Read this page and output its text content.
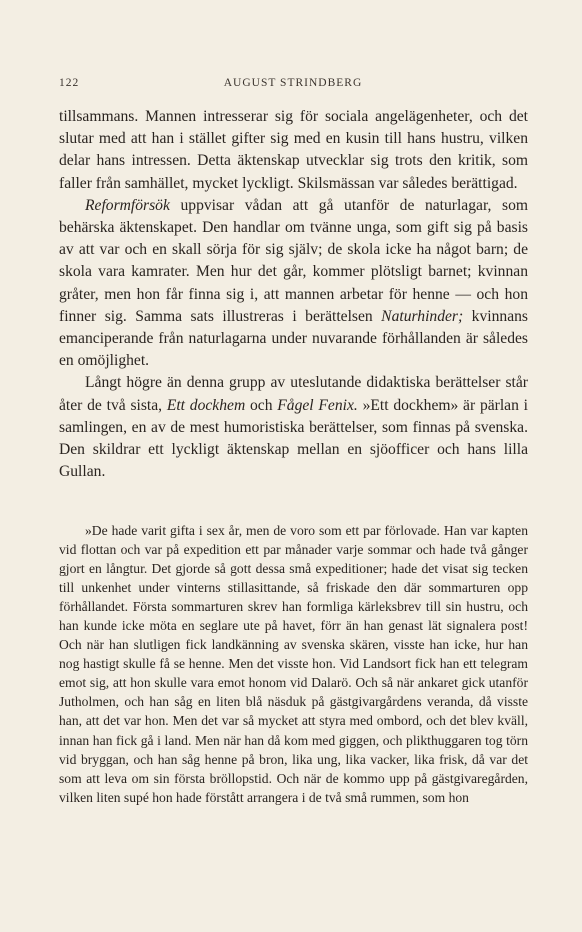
122	AUGUST STRINDBERG

tillsammans. Mannen intresserar sig för sociala angelägenheter, och det slutar med att han i stället gifter sig med en kusin till hans hustru, vilken delar hans intressen. Detta äktenskap utvecklar sig trots den kritik, som faller från samhället, mycket lyckligt. Skilsmässan var således berättigad.

Reformförsök uppvisar vådan att gå utanför de naturlagar, som behärska äktenskapet. Den handlar om tvänne unga, som gift sig på basis av att var och en skall sörja för sig själv; de skola icke ha något barn; de skola vara kamrater. Men hur det går, kommer plötsligt barnet; kvinnan gråter, men hon får finna sig i, att mannen arbetar för henne — och hon finner sig. Samma sats illustreras i berättelsen Naturhinder; kvinnans emanciperande från naturlagarna under nuvarande förhållanden är således en omöjlighet.

Långt högre än denna grupp av uteslutande didaktiska berättelser står åter de två sista, Ett dockhem och Fågel Fenix. »Ett dockhem» är pärlan i samlingen, en av de mest humoristiska berättelser, som finnas på svenska. Den skildrar ett lyckligt äktenskap mellan en sjöofficer och hans lilla Gullan.

»De hade varit gifta i sex år, men de voro som ett par förlovade. Han var kapten vid flottan och var på expedition ett par månader varje sommar och hade två gånger gjort en långtur. Det gjorde så gott dessa små expeditioner; hade det visat sig tecken till unkenhet under vinterns stillasittande, så friskade den där sommarturen opp förhållandet. Första sommarturen skrev han formliga kärleksbrev till sin hustru, och han kunde icke möta en seglare ute på havet, förr än han genast lät signalera post! Och när han slutligen fick landkänning av svenska skären, visste han icke, hur han nog hastigt skulle få se henne. Men det visste hon. Vid Landsort fick han ett telegram emot sig, att hon skulle vara emot honom vid Dalarö. Och så när ankaret gick utanför Jutholmen, och han såg en liten blå näsduk på gästgivargårdens veranda, då visste han, att det var hon. Men det var så mycket att styra med ombord, och det blev kväll, innan han fick gå i land. Men när han då kom med giggen, och plikthuggaren tog törn vid bryggan, och han såg henne på bron, lika ung, lika vacker, lika frisk, då var det som att leva om sin första bröllopstid. Och när de kommo upp på gästgivaregården, vilken liten supé hon hade förstått arrangera i de två små rummen, som hon
